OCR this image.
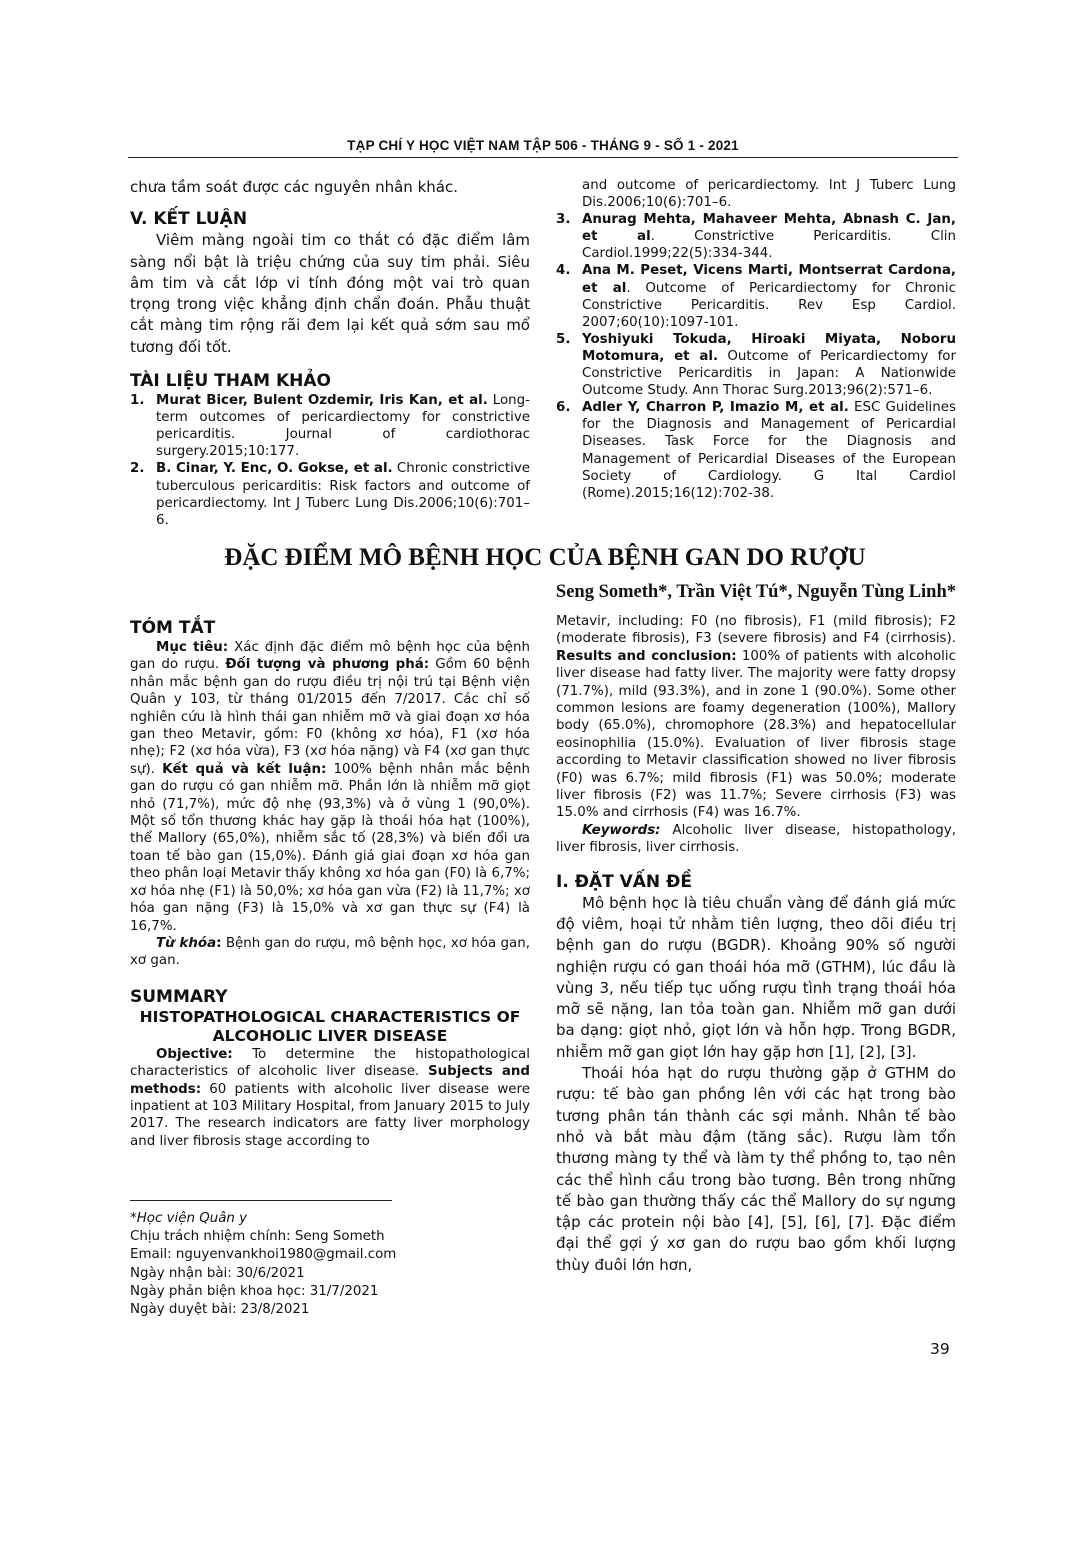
TẠP CHÍ Y HỌC VIỆT NAM TẬP 506 - THÁNG 9 - SỐ 1 - 2021

chưa tầm soát được các nguyên nhân khác.

V. KẾT LUẬN

Viêm màng ngoài tim co thắt có đặc điểm lâm sàng nổi bật là triệu chứng của suy tim phải. Siêu âm tim và cắt lớp vi tính đóng một vai trò quan trọng trong việc khẳng định chẩn đoán. Phẫu thuật cắt màng tim rộng rãi đem lại kết quả sớm sau mổ tương đối tốt.

TÀI LIỆU THAM KHẢO

1. Murat Bicer, Bulent Ozdemir, Iris Kan, et al. Long-term outcomes of pericardiectomy for constrictive pericarditis. Journal of cardiothorac surgery.2015;10:177.
2. B. Cinar, Y. Enc, O. Gokse, et al. Chronic constrictive tuberculous pericarditis: Risk factors and outcome of pericardiectomy. Int J Tuberc Lung Dis.2006;10(6):701–6.
and outcome of pericardiectomy. Int J Tuberc Lung Dis.2006;10(6):701–6.
3. Anurag Mehta, Mahaveer Mehta, Abnash C. Jan, et al. Constrictive Pericarditis. Clin Cardiol.1999;22(5):334-344.
4. Ana M. Peset, Vicens Marti, Montserrat Cardona, et al. Outcome of Pericardiectomy for Chronic Constrictive Pericarditis. Rev Esp Cardiol. 2007;60(10):1097-101.
5. Yoshiyuki Tokuda, Hiroaki Miyata, Noboru Motomura, et al. Outcome of Pericardiectomy for Constrictive Pericarditis in Japan: A Nationwide Outcome Study. Ann Thorac Surg.2013;96(2):571–6.
6. Adler Y, Charron P, Imazio M, et al. ESC Guidelines for the Diagnosis and Management of Pericardial Diseases. Task Force for the Diagnosis and Management of Pericardial Diseases of the European Society of Cardiology. G Ital Cardiol (Rome).2015;16(12):702-38.
ĐẶC ĐIỂM MÔ BỆNH HỌC CỦA BỆNH GAN DO RƯỢU
Seng Someth*, Trần Việt Tú*, Nguyễn Tùng Linh*

TÓM TẮT

Mục tiêu: Xác định đặc điểm mô bệnh học của bệnh gan do rượu. Đối tượng và phương phá: Gồm 60 bệnh nhân mắc bệnh gan do rượu điều trị nội trú tại Bệnh viện Quân y 103, từ tháng 01/2015 đến 7/2017. Các chỉ số nghiên cứu là hình thái gan nhiễm mỡ và giai đoạn xơ hóa gan theo Metavir, gồm: F0 (không xơ hóa), F1 (xơ hóa nhẹ); F2 (xơ hóa vừa), F3 (xơ hóa nặng) và F4 (xơ gan thực sự). Kết quả và kết luận: 100% bệnh nhân mắc bệnh gan do rượu có gan nhiễm mỡ. Phần lớn là nhiễm mỡ giọt nhỏ (71,7%), mức độ nhẹ (93,3%) và ở vùng 1 (90,0%). Một số tổn thương khác hay gặp là thoái hóa hạt (100%), thể Mallory (65,0%), nhiễm sắc tố (28,3%) và biến đổi ưa toan tế bào gan (15,0%). Đánh giá giai đoạn xơ hóa gan theo phân loại Metavir thấy không xơ hóa gan (F0) là 6,7%; xơ hóa nhẹ (F1) là 50,0%; xơ hóa gan vừa (F2) là 11,7%; xơ hóa gan nặng (F3) là 15,0% và xơ gan thực sự (F4) là 16,7%.

Từ khóa: Bệnh gan do rượu, mô bệnh học, xơ hóa gan, xơ gan.

SUMMARY

HISTOPATHOLOGICAL CHARACTERISTICS OF ALCOHOLIC LIVER DISEASE

Objective: To determine the histopathological characteristics of alcoholic liver disease. Subjects and methods: 60 patients with alcoholic liver disease were inpatient at 103 Military Hospital, from January 2015 to July 2017. The research indicators are fatty liver morphology and liver fibrosis stage according to

*Học viện Quân y
Chịu trách nhiệm chính: Seng Someth
Email: nguyenvankhoi1980@gmail.com
Ngày nhận bài: 30/6/2021
Ngày phản biện khoa học: 31/7/2021
Ngày duyệt bài: 23/8/2021

Metavir, including: F0 (no fibrosis), F1 (mild fibrosis); F2 (moderate fibrosis), F3 (severe fibrosis) and F4 (cirrhosis). Results and conclusion: 100% of patients with alcoholic liver disease had fatty liver. The majority were fatty dropsy (71.7%), mild (93.3%), and in zone 1 (90.0%). Some other common lesions are foamy degeneration (100%), Mallory body (65.0%), chromophore (28.3%) and hepatocellular eosinophilia (15.0%). Evaluation of liver fibrosis stage according to Metavir classification showed no liver fibrosis (F0) was 6.7%; mild fibrosis (F1) was 50.0%; moderate liver fibrosis (F2) was 11.7%; Severe cirrhosis (F3) was 15.0% and cirrhosis (F4) was 16.7%.

Keywords: Alcoholic liver disease, histopathology, liver fibrosis, liver cirrhosis.

I. ĐẶT VẤN ĐỀ

Mô bệnh học là tiêu chuẩn vàng để đánh giá mức độ viêm, hoại tử nhằm tiên lượng, theo dõi điều trị bệnh gan do rượu (BGDR). Khoảng 90% số người nghiện rượu có gan thoái hóa mỡ (GTHM), lúc đầu là vùng 3, nếu tiếp tục uống rượu tình trạng thoái hóa mỡ sẽ nặng, lan tỏa toàn gan. Nhiễm mỡ gan dưới ba dạng: giọt nhỏ, giọt lớn và hỗn hợp. Trong BGDR, nhiễm mỡ gan giọt lớn hay gặp hơn [1], [2], [3].

Thoái hóa hạt do rượu thường gặp ở GTHM do rượu: tế bào gan phồng lên với các hạt trong bào tương phân tán thành các sợi mảnh. Nhân tế bào nhỏ và bắt màu đậm (tăng sắc). Rượu làm tổn thương màng ty thể và làm ty thể phồng to, tạo nên các thể hình cầu trong bào tương. Bên trong những tế bào gan thường thấy các thể Mallory do sự ngưng tập các protein nội bào [4], [5], [6], [7]. Đặc điểm đại thể gợi ý xơ gan do rượu bao gồm khối lượng thùy đuôi lớn hơn,

39
